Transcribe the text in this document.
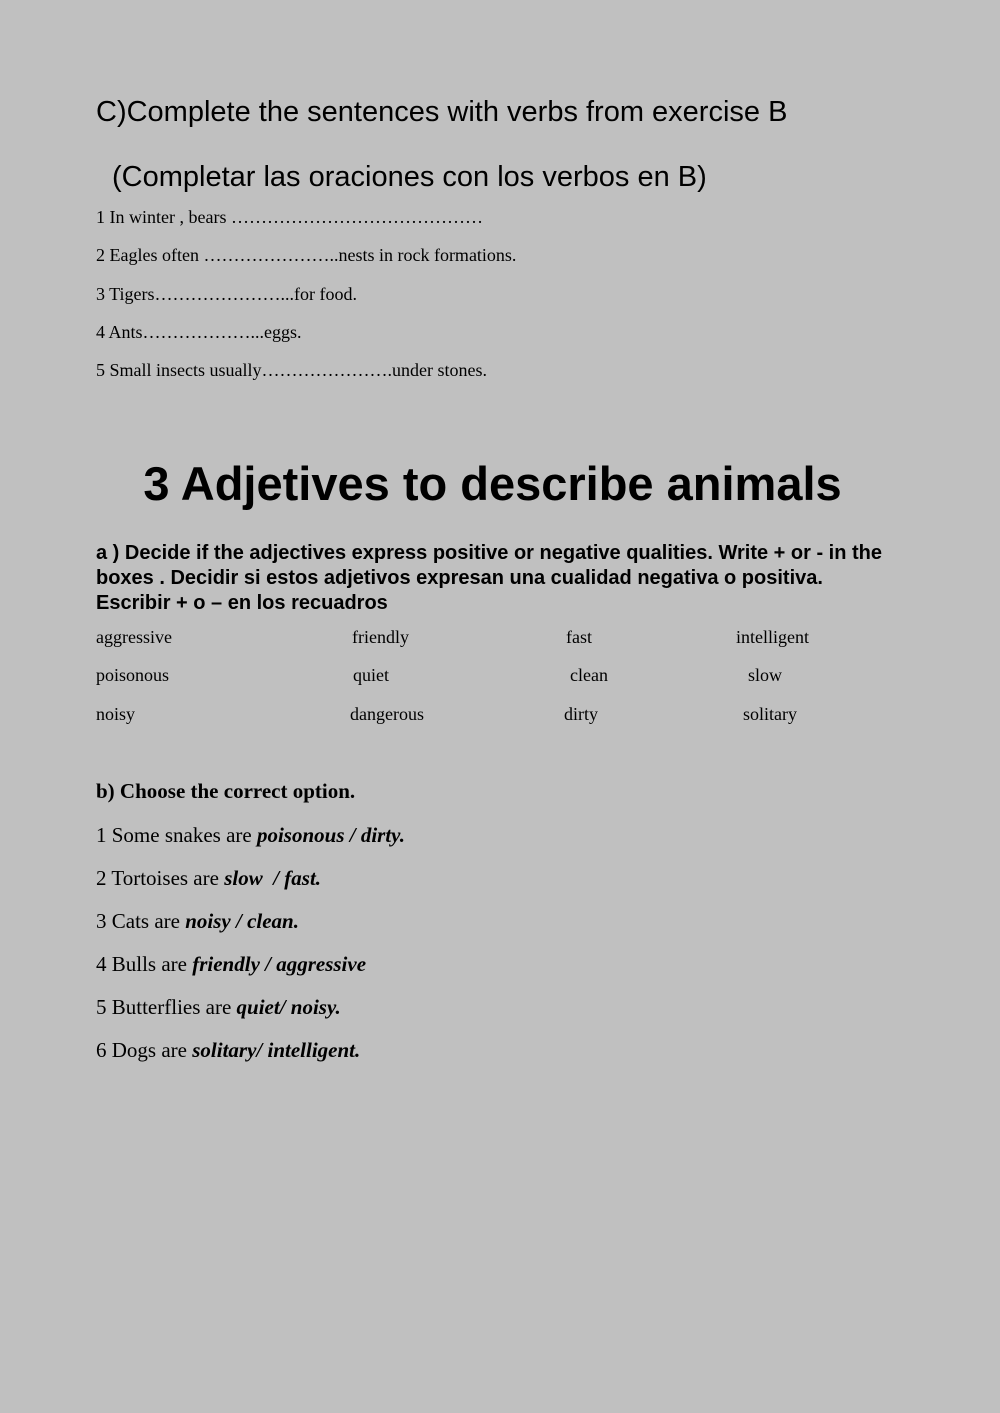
C)Complete the sentences with verbs from exercise B
(Completar las oraciones con los verbos en B)
1 In winter , bears ……………………………………
2 Eagles often …………………..nests in rock formations.
3 Tigers…………………...for food.
4 Ants………………...eggs.
5 Small insects usually………………….under stones.
3 Adjetives to describe animals
a ) Decide if the adjectives express positive or negative qualities. Write + or - in the boxes . Decidir si estos adjetivos expresan una cualidad negativa o positiva. Escribir + o – en los recuadros
aggressive	friendly	fast	intelligent
poisonous	quiet	clean	slow
noisy	dangerous	dirty	solitary
b) Choose the correct option.
1 Some snakes are poisonous / dirty.
2 Tortoises are slow  / fast.
3 Cats are noisy / clean.
4 Bulls are friendly / aggressive
5 Butterflies are quiet/ noisy.
6 Dogs are solitary/ intelligent.
